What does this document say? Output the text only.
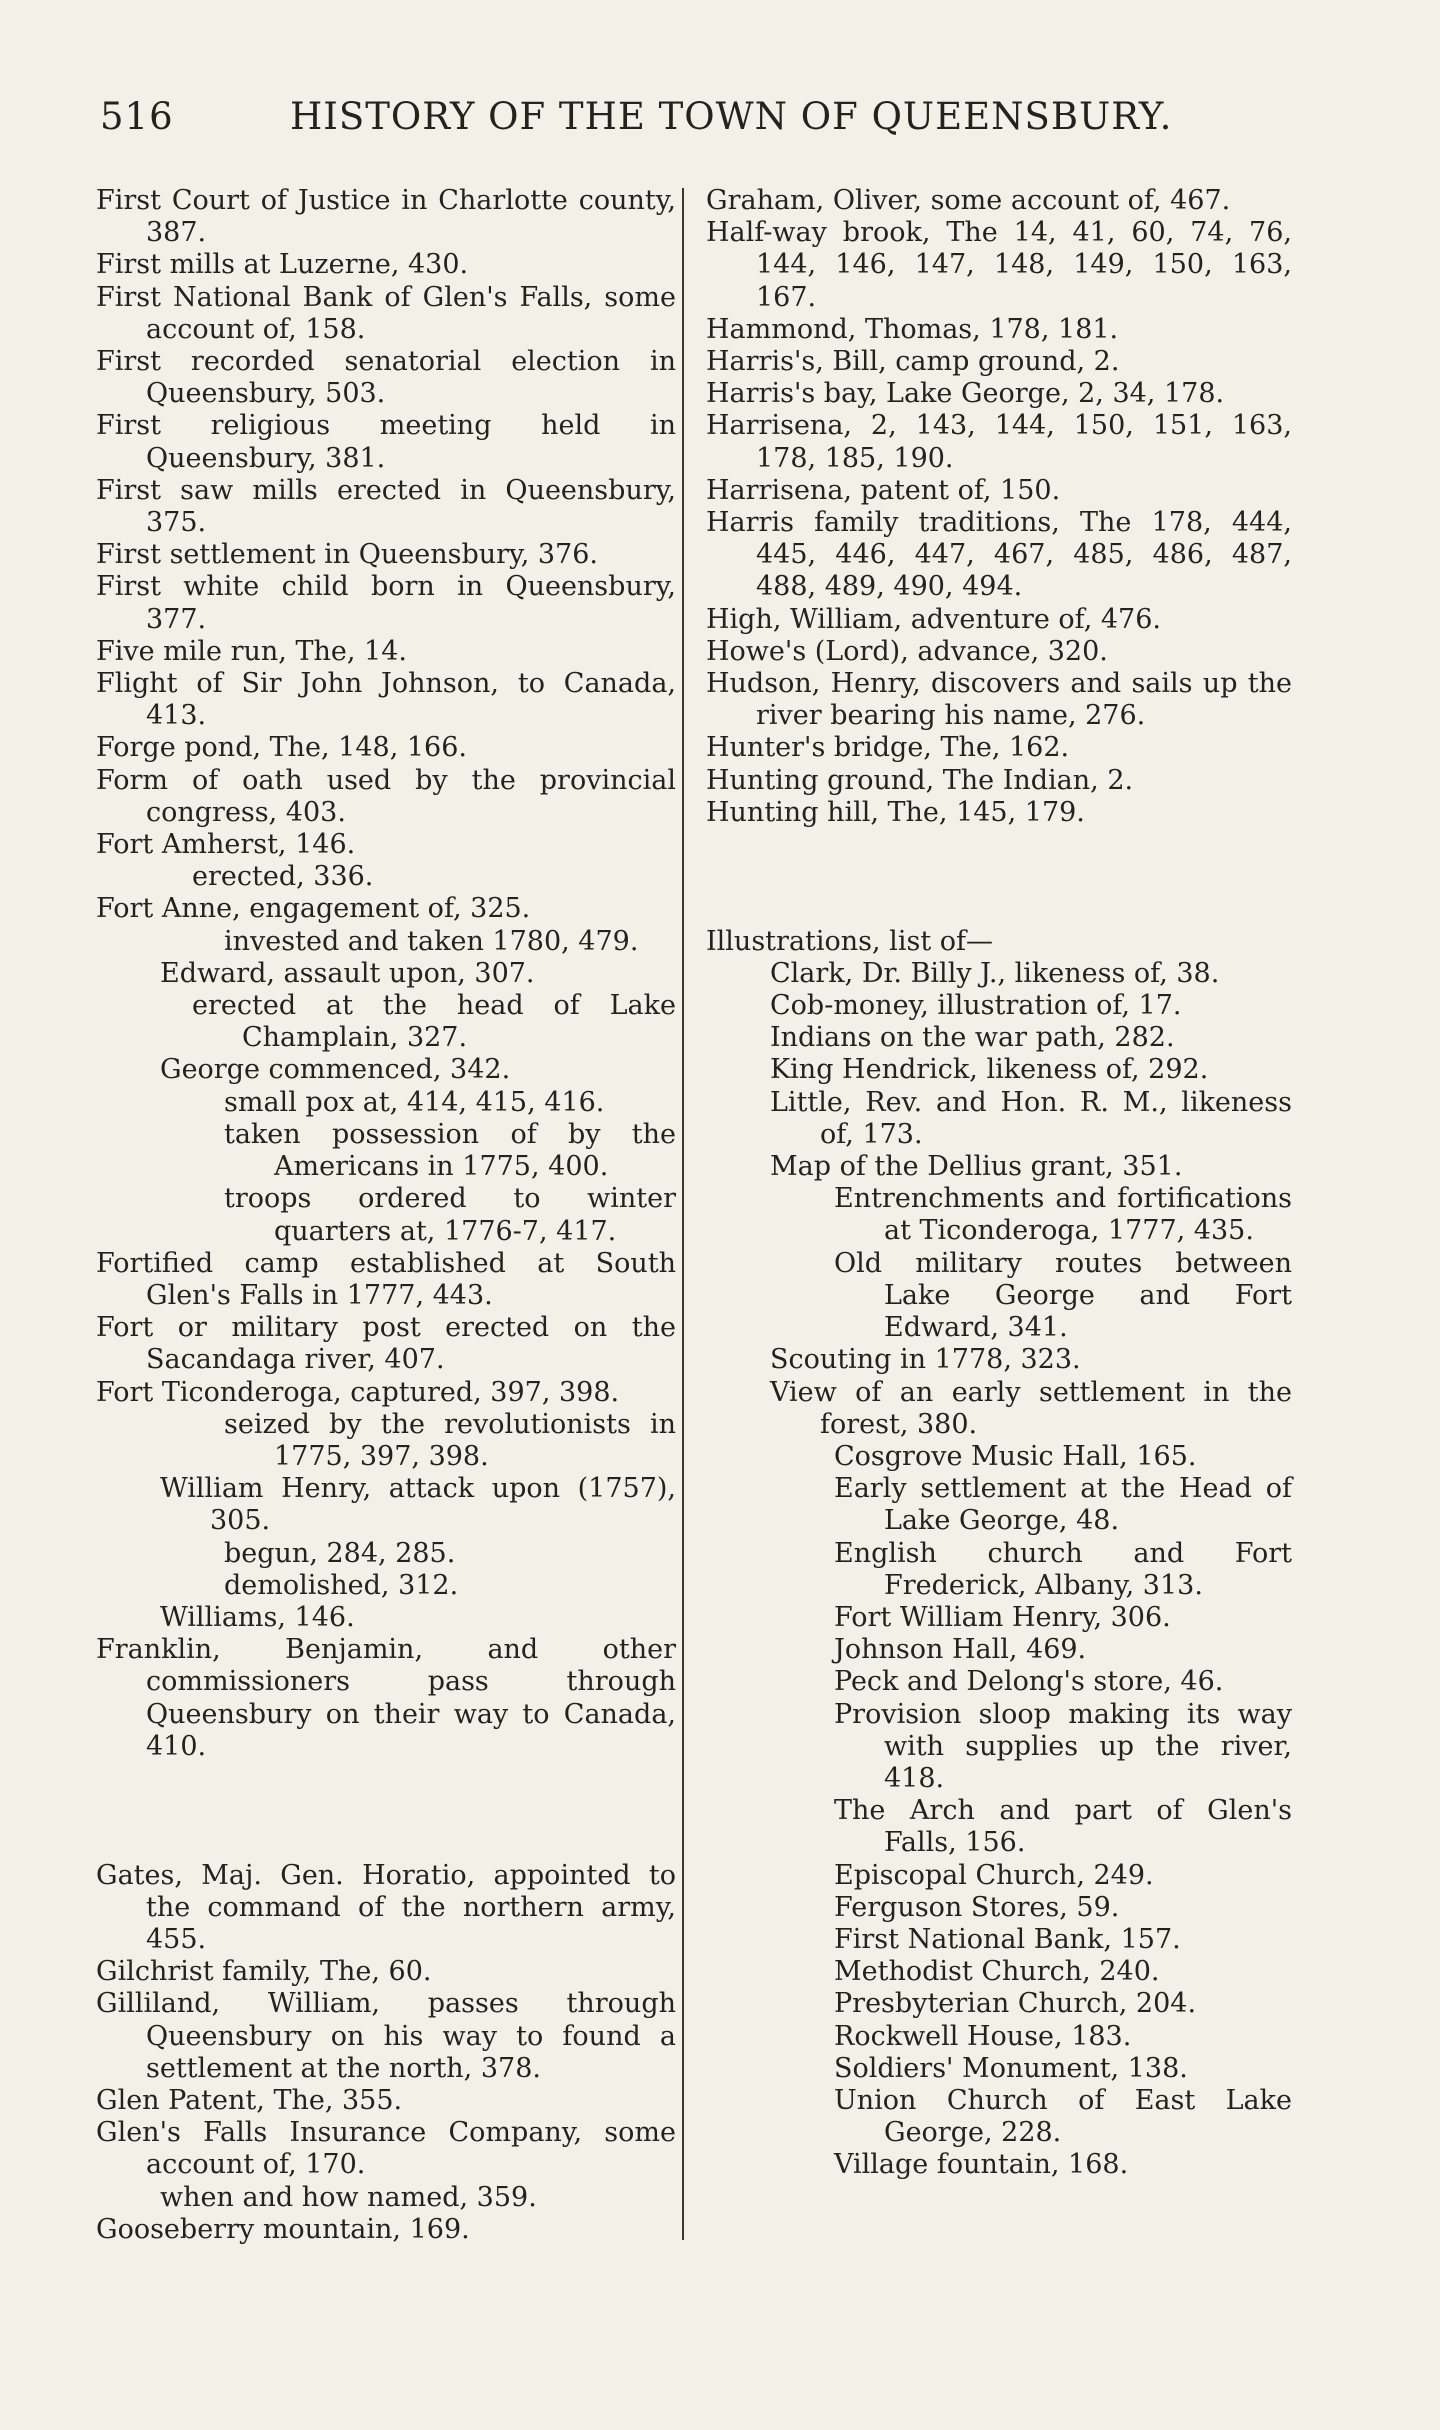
516	HISTORY OF THE TOWN OF QUEENSBURY.
First Court of Justice in Charlotte county, 387.
First mills at Luzerne, 430.
First National Bank of Glen's Falls, some account of, 158.
First recorded senatorial election in Queensbury, 503.
First religious meeting held in Queensbury, 381.
First saw mills erected in Queensbury, 375.
First settlement in Queensbury, 376.
First white child born in Queensbury, 377.
Five mile run, The, 14.
Flight of Sir John Johnson, to Canada, 413.
Forge pond, The, 148, 166.
Form of oath used by the provincial congress, 403.
Fort Amherst, 146.
erected, 336.
Fort Anne, engagement of, 325.
invested and taken 1780, 479.
Edward, assault upon, 307.
erected at the head of Lake Champlain, 327.
George commenced, 342.
small pox at, 414, 415, 416.
taken possession of by the Americans in 1775, 400.
troops ordered to winter quarters at, 1776-7, 417.
Fortified camp established at South Glen's Falls in 1777, 443.
Fort or military post erected on the Sacandaga river, 407.
Fort Ticonderoga, captured, 397, 398.
seized by the revolutionists in 1775, 397, 398.
William Henry, attack upon (1757), 305.
begun, 284, 285.
demolished, 312.
Williams, 146.
Franklin, Benjamin, and other commissioners pass through Queensbury on their way to Canada, 410.
Gates, Maj. Gen. Horatio, appointed to the command of the northern army, 455.
Gilchrist family, The, 60.
Gilliland, William, passes through Queensbury on his way to found a settlement at the north, 378.
Glen Patent, The, 355.
Glen's Falls Insurance Company, some account of, 170.
when and how named, 359.
Gooseberry mountain, 169.
Graham, Oliver, some account of, 467.
Half-way brook, The 14, 41, 60, 74, 76, 144, 146, 147, 148, 149, 150, 163, 167.
Hammond, Thomas, 178, 181.
Harris's, Bill, camp ground, 2.
Harris's bay, Lake George, 2, 34, 178.
Harrisena, 2, 143, 144, 150, 151, 163, 178, 185, 190.
Harrisena, patent of, 150.
Harris family traditions, The 178, 444, 445, 446, 447, 467, 485, 486, 487, 488, 489, 490, 494.
High, William, adventure of, 476.
Howe's (Lord), advance, 320.
Hudson, Henry, discovers and sails up the river bearing his name, 276.
Hunter's bridge, The, 162.
Hunting ground, The Indian, 2.
Hunting hill, The, 145, 179.
Illustrations, list of—
Clark, Dr. Billy J., likeness of, 38.
Cob-money, illustration of, 17.
Indians on the war path, 282.
King Hendrick, likeness of, 292.
Little, Rev. and Hon. R. M., likeness of, 173.
Map of the Dellius grant, 351.
Entrenchments and fortifications at Ticonderoga, 1777, 435.
Old military routes between Lake George and Fort Edward, 341.
Scouting in 1778, 323.
View of an early settlement in the forest, 380.
Cosgrove Music Hall, 165.
Early settlement at the Head of Lake George, 48.
English church and Fort Frederick, Albany, 313.
Fort William Henry, 306.
Johnson Hall, 469.
Peck and Delong's store, 46.
Provision sloop making its way with supplies up the river, 418.
The Arch and part of Glen's Falls, 156.
Episcopal Church, 249.
Ferguson Stores, 59.
First National Bank, 157.
Methodist Church, 240.
Presbyterian Church, 204.
Rockwell House, 183.
Soldiers' Monument, 138.
Union Church of East Lake George, 228.
Village fountain, 168.
